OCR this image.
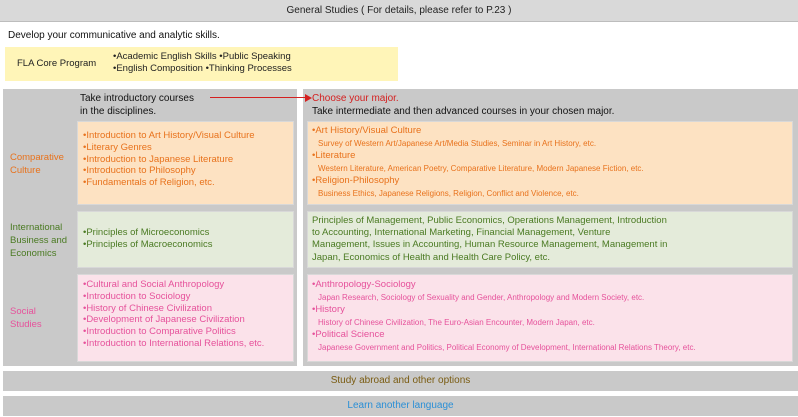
General Studies ( For details, please refer to P.23 )
Develop your communicative and analytic skills.
FLA Core Program
•Academic English Skills •Public Speaking
•English Composition •Thinking Processes
Take introductory courses
in the disciplines.
Choose your major.
Take intermediate and then advanced courses in your chosen major.
Comparative
Culture
•Introduction to Art History/Visual Culture
•Literary Genres
•Introduction to Japanese Literature
•Introduction to Philosophy
•Fundamentals of Religion, etc.
•Art History/Visual Culture
Survey of Western Art/Japanese Art/Media Studies, Seminar in Art History, etc.
•Literature
Western Literature, American Poetry, Comparative Literature, Modern Japanese Fiction, etc.
•Religion-Philosophy
Business Ethics, Japanese Religions, Religion, Conflict and Violence, etc.
International
Business and
Economics
•Principles of Microeconomics
•Principles of Macroeconomics
Principles of Management, Public Economics, Operations Management, Introduction
to Accounting, International Marketing, Financial Management, Venture
Management, Issues in Accounting, Human Resource Management, Management in
Japan, Economics of Health and Health Care Policy, etc.
Social
Studies
•Cultural and Social Anthropology
•Introduction to Sociology
•History of Chinese Civilization
•Development of Japanese Civilization
•Introduction to Comparative Politics
•Introduction to International Relations, etc.
•Anthropology-Sociology
Japan Research, Sociology of Sexuality and Gender, Anthropology and Modern Society, etc.
•History
History of Chinese Civilization, The Euro-Asian Encounter, Modern Japan, etc.
•Political Science
Japanese Government and Politics, Political Economy of Development, International Relations Theory, etc.
Study abroad and other options
Learn another language
